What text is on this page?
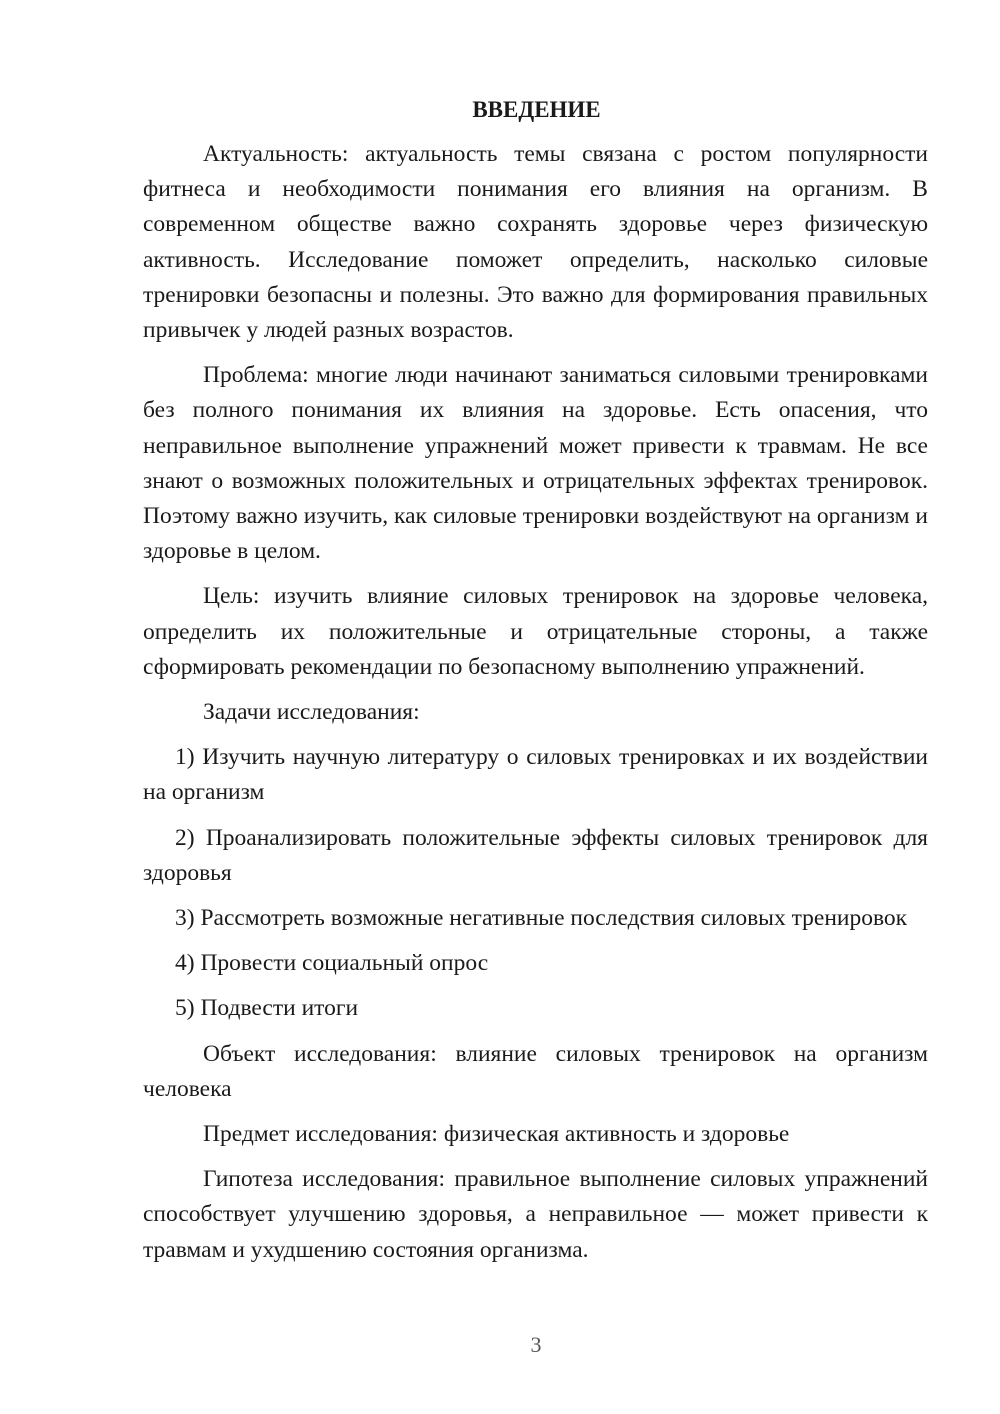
ВВЕДЕНИЕ

Актуальность: актуальность темы связана с ростом популярности фитнеса и необходимости понимания его влияния на организм. В современном обществе важно сохранять здоровье через физическую активность. Исследование поможет определить, насколько силовые тренировки безопасны и полезны. Это важно для формирования правильных привычек у людей разных возрастов.

Проблема: многие люди начинают заниматься силовыми тренировками без полного понимания их влияния на здоровье. Есть опасения, что неправильное выполнение упражнений может привести к травмам. Не все знают о возможных положительных и отрицательных эффектах тренировок. Поэтому важно изучить, как силовые тренировки воздействуют на организм и здоровье в целом.

Цель: изучить влияние силовых тренировок на здоровье человека, определить их положительные и отрицательные стороны, а также сформировать рекомендации по безопасному выполнению упражнений.

Задачи исследования:

1) Изучить научную литературу о силовых тренировках и их воздействии на организм

2) Проанализировать положительные эффекты силовых тренировок для здоровья

3) Рассмотреть возможные негативные последствия силовых тренировок

4) Провести социальный опрос

5) Подвести итоги

Объект исследования: влияние силовых тренировок на организм человека

Предмет исследования: физическая активность и здоровье

Гипотеза исследования: правильное выполнение силовых упражнений способствует улучшению здоровья, а неправильное — может привести к травмам и ухудшению состояния организма.

3
